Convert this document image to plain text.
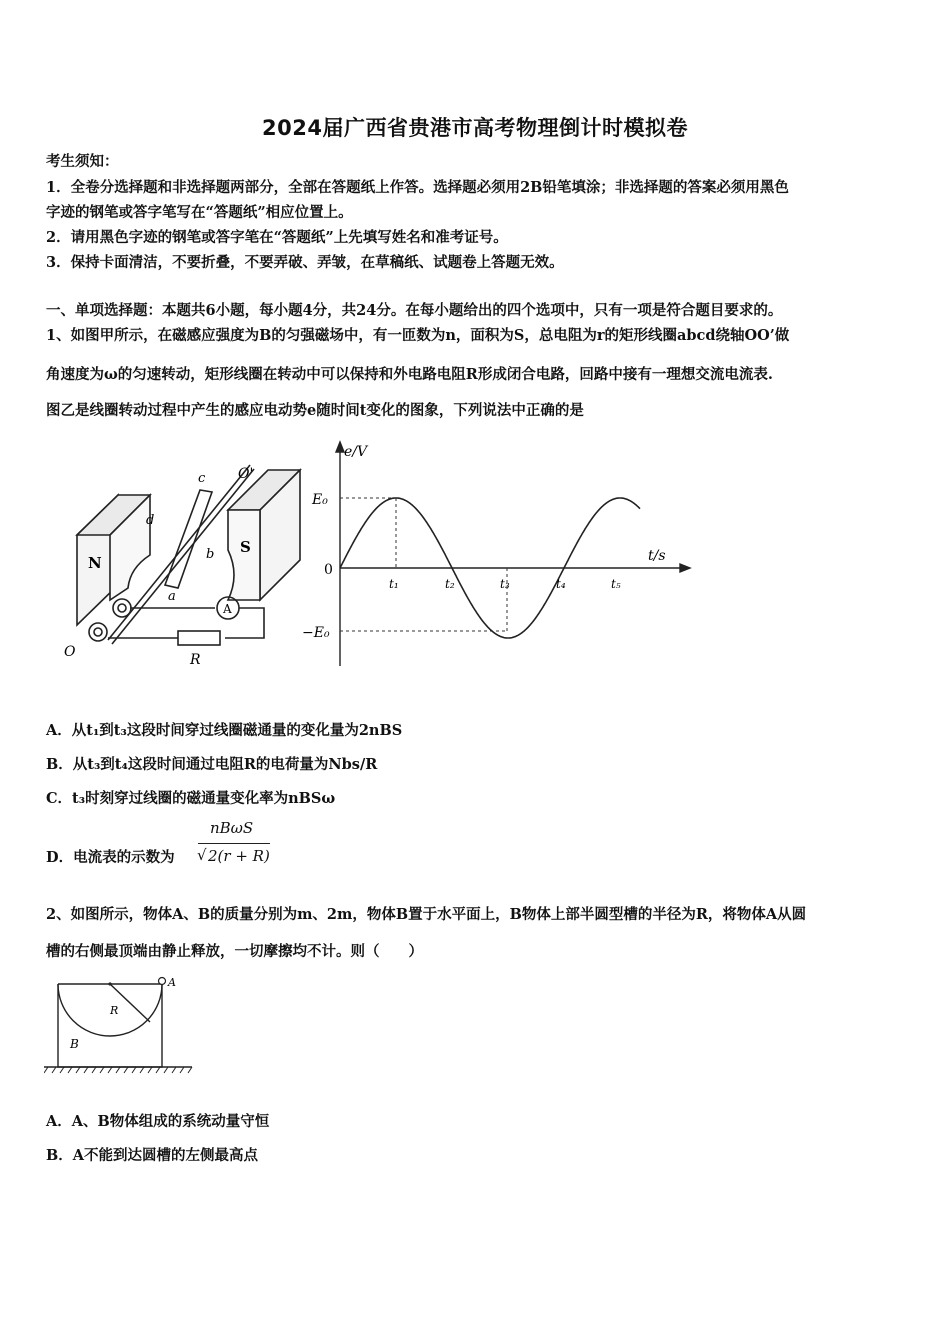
2024届广西省贵港市高考物理倒计时模拟卷
考生须知：
1．全卷分选择题和非选择题两部分，全部在答题纸上作答。选择题必须用2B铅笔填涂；非选择题的答案必须用黑色
字迹的钢笔或答字笔写在“答题纸”相应位置上。
2．请用黑色字迹的钢笔或答字笔在“答题纸”上先填写姓名和准考证号。
3．保持卡面清洁，不要折叠，不要弄破、弄皱，在草稿纸、试题卷上答题无效。
一、单项选择题：本题共6小题，每小题4分，共24分。在每小题给出的四个选项中，只有一项是符合题目要求的。
1、如图甲所示，在磁感应强度为B的匀强磁场中，有一匝数为n，面积为S，总电阻为r的矩形线圈abcd绕轴OO’做
角速度为ω的匀速转动，矩形线圈在转动中可以保持和外电路电阻R形成闭合电路，回路中接有一理想交流电流表.
图乙是线圈转动过程中产生的感应电动势e随时间t变化的图象，下列说法中正确的是
N
S
a
b
c
d
O'
O
A
R
e/V
t/s
0
E₀
−E₀
t₁	t₂	t₃	t₄	t₅
A．从t₁到t₃这段时间穿过线圈磁通量的变化量为2nBS
B．从t₃到t₄这段时间通过电阻R的电荷量为Nbs/R
C．t₃时刻穿过线圈的磁通量变化率为nBSω
D．电流表的示数为
nBωS
√ 2(r + R)
2、如图所示，物体A、B的质量分别为m、2m，物体B置于水平面上，B物体上部半圆型槽的半径为R，将物体A从圆
槽的右侧最顶端由静止释放，一切摩擦均不计。则（　　）
A
R
B
A．A、B物体组成的系统动量守恒
B．A不能到达圆槽的左侧最高点
